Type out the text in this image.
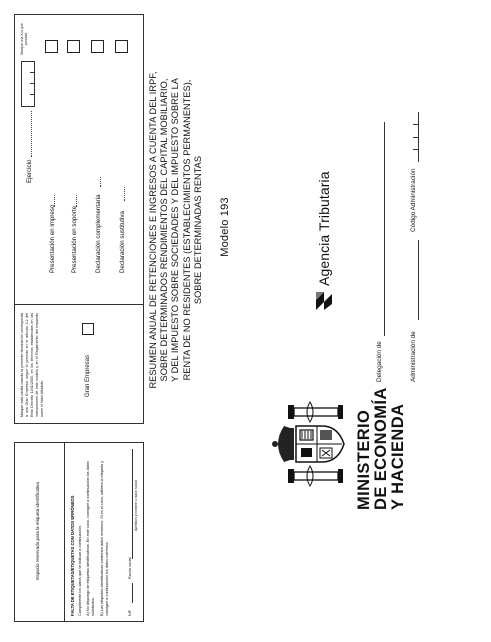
Espacio reservado para la etiqueta identificativa	FALTA DE ETIQUETAS/ETIQUETAS CON DATOS ERRÓNEOS Cumplimente los datos que se indican a continuación:	A) No dispongo de etiquetas identificativas. En este caso, consigne a continuación los datos solicitados.	B) Las etiquetas identificativas contienen datos erróneos. Si es el caso, adhiera la etiqueta y consigne a continuación los datos correctos.	NIF
Razón social
Apellidos y nombre o razón social
Marque esta casilla cuando la presente declaración corresponda a una Gran Empresa, según lo previsto en el artículo 2.2 del Real Decreto 1041/2003, en los términos establecidos en las instrucciones de este modelo y en el Reglamento del Impuesto sobre el Valor Añadido.
Gran Empresas
Ejercicio
Marque una X lo que proceda
Presentación en impreso Presentación en soporte	Declaración complementaria	Declaración sustitutiva RESUMEN ANUAL DE RETENCIONES E INGRESOS A CUENTA DEL IRPF, SOBRE DETERMINADOS RENDIMIENTOS DEL CAPITAL MOBILIARIO, Y DEL IMPUESTO SOBRE SOCIEDADES Y DEL IMPUESTO SOBRE LA RENTA DE NO RESIDENTES (ESTABLECIMIENTOS PERMANENTES), SOBRE DETERMINADAS RENTAS Modelo 193	Agencia Tributaria
Delegación de	Administración de
Código Administración
MINISTERIO DE ECONOMÍA Y HACIENDA
